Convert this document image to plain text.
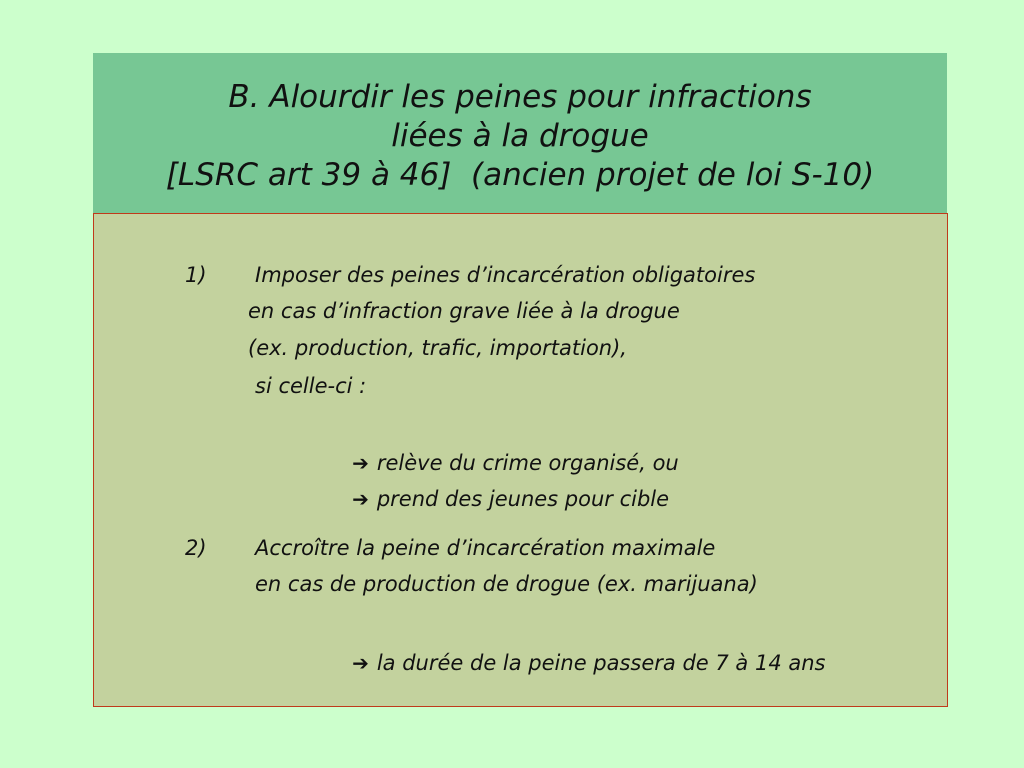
B. Alourdir les peines pour infractions
liées à la drogue
[LSRC art 39 à 46]  (ancien projet de loi S-10)
1) Imposer des peines d’incarcération obligatoires
en cas d’infraction grave liée à la drogue
(ex. production, trafic, importation),
si celle-ci :

➔ relève du crime organisé, ou

➔ prend des jeunes pour cible

2) Accroître la peine d’incarcération maximale
en cas de production de drogue (ex. marijuana)

➔ la durée de la peine passera de 7 à 14 ans
